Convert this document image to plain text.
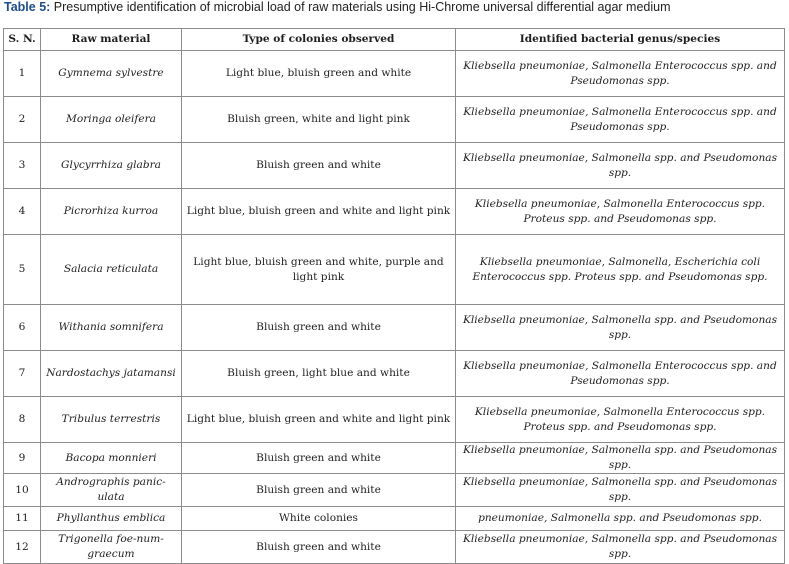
Table 5: Presumptive identification of microbial load of raw materials using Hi-Chrome universal differential agar medium
S. N.	Raw material	Type of colonies observed	Identified bacterial genus/species
1	Gymnema sylvestre	Light blue, bluish green and white	Kliebsella pneumoniae, Salmonella Enterococcus spp. and Pseudomonas spp.
2	Moringa oleifera	Bluish green, white and light pink	Kliebsella pneumoniae, Salmonella Enterococcus spp. and Pseudomonas spp.
3	Glycyrrhiza glabra	Bluish green and white	Kliebsella pneumoniae, Salmonella spp. and Pseudomonas spp.
4	Picrorhiza kurroa	Light blue, bluish green and white and light pink	Kliebsella pneumoniae, Salmonella Enterococcus spp. Proteus spp. and Pseudomonas spp.
5	Salacia reticulata	Light blue, bluish green and white, purple and light pink	Kliebsella pneumoniae, Salmonella, Escherichia coli Enterococcus spp. Proteus spp. and Pseudomonas spp.
6	Withania somnifera	Bluish green and white	Kliebsella pneumoniae, Salmonella spp. and Pseudomonas spp.
7	Nardostachys jatamansi	Bluish green, light blue and white	Kliebsella pneumoniae, Salmonella Enterococcus spp. and Pseudomonas spp.
8	Tribulus terrestris	Light blue, bluish green and white and light pink	Kliebsella pneumoniae, Salmonella Enterococcus spp. Proteus spp. and Pseudomonas spp.
9	Bacopa monnieri	Bluish green and white	Kliebsella pneumoniae, Salmonella spp. and Pseudomonas spp.
10	Andrographis panic-ulata	Bluish green and white	Kliebsella pneumoniae, Salmonella spp. and Pseudomonas spp.
11	Phyllanthus emblica	White colonies	pneumoniae, Salmonella spp. and Pseudomonas spp.
12	Trigonella foe-num-graecum	Bluish green and white	Kliebsella pneumoniae, Salmonella spp. and Pseudomonas spp.
